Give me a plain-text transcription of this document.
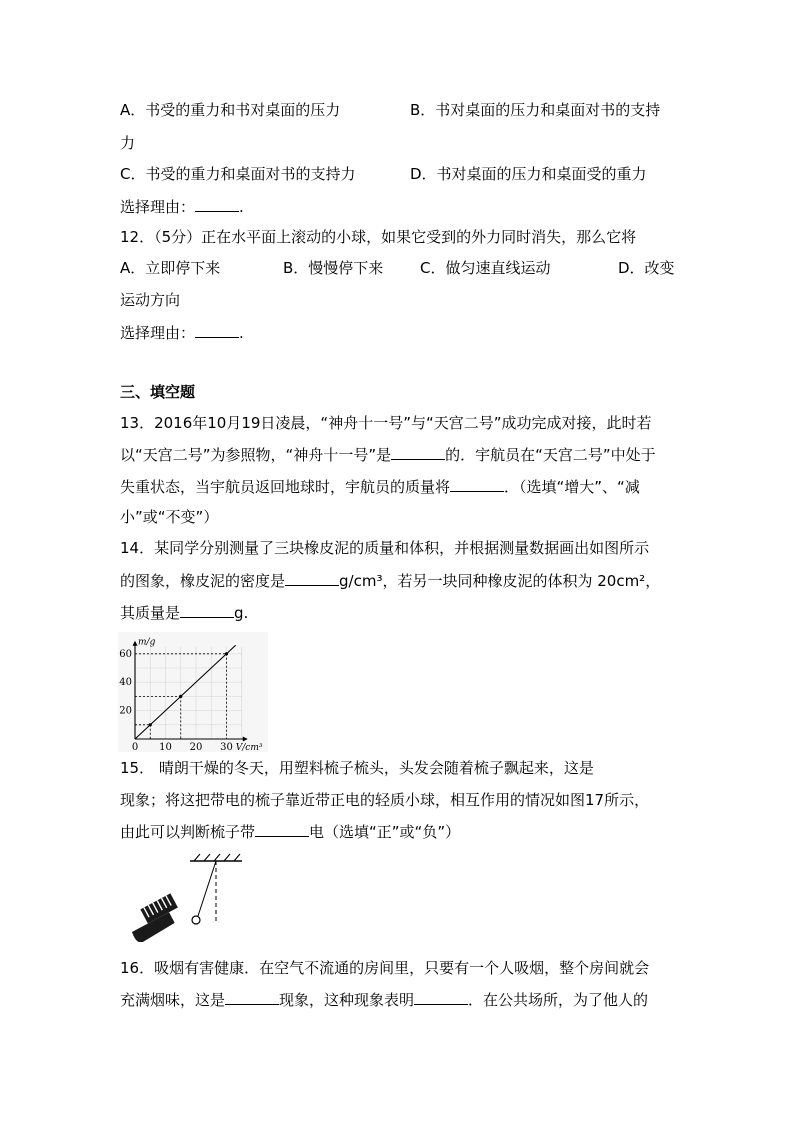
A．书受的重力和书对桌面的压力	B．书对桌面的压力和桌面对书的支持
力
C．书受的重力和桌面对书的支持力	D．书对桌面的压力和桌面受的重力
选择理由：	.
12．（5分）正在水平面上滚动的小球，如果它受到的外力同时消失，那么它将
A．立即停下来	B．慢慢停下来 C．做匀速直线运动	D．改变
运动方向
选择理由：	.
三、填空题
13．2016年10月19日凌晨，“神舟十一号”与“天宫二号”成功完成对接，此时若
以“天宫二号”为参照物，“神舟十一号”是	的．宇航员在“天宫二号”中处于
失重状态，当宇航员返回地球时，宇航员的质量将	．（选填“增大”、“减
小”或“不变”）
14．某同学分别测量了三块橡皮泥的质量和体积，并根据测量数据画出如图所示
的图象，橡皮泥的密度是	g/cm³，若另一块同种橡皮泥的体积为 20cm²，
其质量是	g.
0 10 20 30
20
40
60
V/cm³
m/g
15． 晴朗干燥的冬天，用塑料梳子梳头，头发会随着梳子飘起来，这是
现象；将这把带电的梳子靠近带正电的轻质小球，相互作用的情况如图17所示，
由此可以判断梳子带	电（选填“正”或“负”）
16．吸烟有害健康．在空气不流通的房间里，只要有一个人吸烟，整个房间就会
充满烟味，这是	现象，这种现象表明	．在公共场所，为了他人的
